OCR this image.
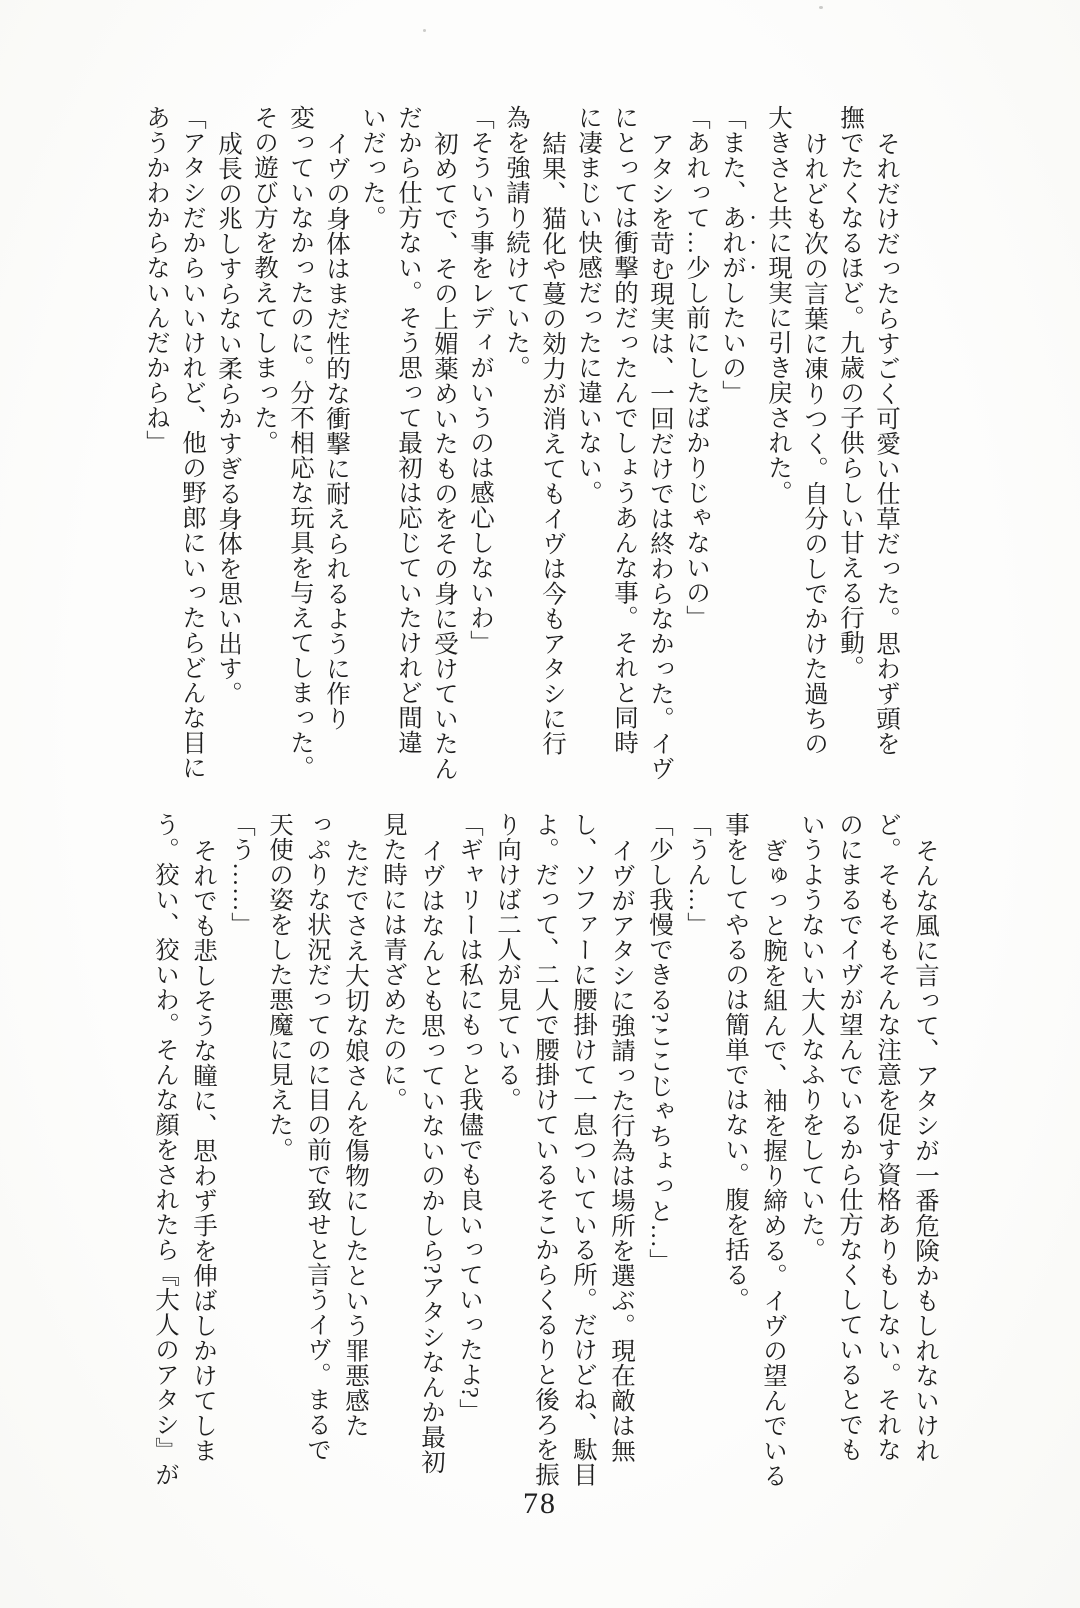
それだけだったらすごく可愛い仕草だった。思わず頭を
撫でたくなるほど。九歳の子供らしい甘える行動。
けれども次の言葉に凍りつく。自分のしでかけた過ちの
大きさと共に現実に引き戻された。
「また、あれがしたいの」
「あれって…少し前にしたばかりじゃないの」
アタシを苛む現実は、一回だけでは終わらなかった。イヴ
にとっては衝撃的だったんでしょうあんな事。それと同時
に凄まじい快感だったに違いない。
結果、猫化や蔓の効力が消えてもイヴは今もアタシに行
為を強請り続けていた。
「そういう事をレディがいうのは感心しないわ」
初めてで、その上媚薬めいたものをその身に受けていたん
だから仕方ない。そう思って最初は応じていたけれど間違
いだった。
イヴの身体はまだ性的な衝撃に耐えられるように作り
変っていなかったのに。分不相応な玩具を与えてしまった。
その遊び方を教えてしまった。
成長の兆しすらない柔らかすぎる身体を思い出す。
「アタシだからいいけれど、他の野郎にいったらどんな目に
あうかわからないんだからね」
そんな風に言って、アタシが一番危険かもしれないけれ
ど。そもそもそんな注意を促す資格ありもしない。それな
のにまるでイヴが望んでいるから仕方なくしているとでも
いうようないい大人なふりをしていた。
ぎゅっと腕を組んで、袖を握り締める。イヴの望んでいる
事をしてやるのは簡単ではない。腹を括る。
「うん…」
「少し我慢できる?ここじゃちょっと…」
イヴがアタシに強請った行為は場所を選ぶ。現在敵は無
し、ソファーに腰掛けて一息ついている所。だけどね、駄目
よ。だって、二人で腰掛けているそこからくるりと後ろを振
り向けば二人が見ている。
「ギャリーは私にもっと我儘でも良いっていったよ?」
イヴはなんとも思っていないのかしら?アタシなんか最初
見た時には青ざめたのに。
ただでさえ大切な娘さんを傷物にしたという罪悪感た
っぷりな状況だってのに目の前で致せと言うイヴ。まるで
天使の姿をした悪魔に見えた。
「う……」
それでも悲しそうな瞳に、思わず手を伸ばしかけてしま
う。狡い、狡いわ。そんな顔をされたら『大人のアタシ』が
78
